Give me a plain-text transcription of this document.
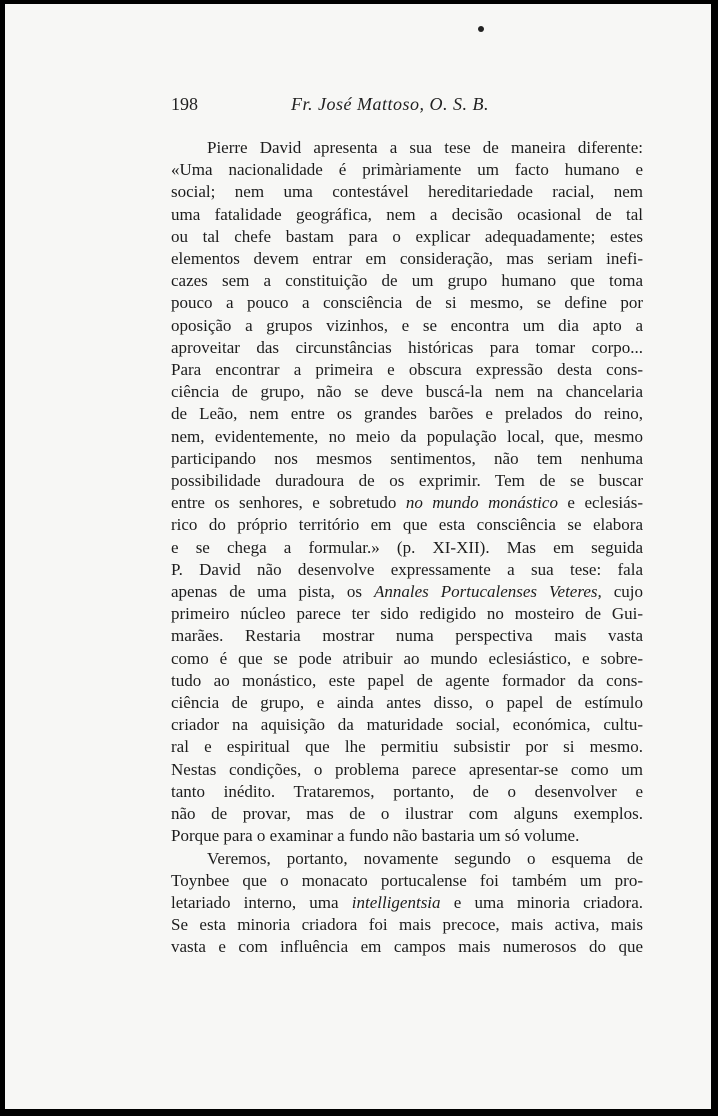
198	Fr. José Mattoso, O. S. B.
Pierre David apresenta a sua tese de maneira diferente:
«Uma nacionalidade é primàriamente um facto humano e
social; nem uma contestável hereditariedade racial, nem
uma fatalidade geográfica, nem a decisão ocasional de tal
ou tal chefe bastam para o explicar adequadamente; estes
elementos devem entrar em consideração, mas seriam inefi-
cazes sem a constituição de um grupo humano que toma
pouco a pouco a consciência de si mesmo, se define por
oposição a grupos vizinhos, e se encontra um dia apto a
aproveitar das circunstâncias históricas para tomar corpo...
Para encontrar a primeira e obscura expressão desta cons-
ciência de grupo, não se deve buscá-la nem na chancelaria
de Leão, nem entre os grandes barões e prelados do reino,
nem, evidentemente, no meio da população local, que, mesmo
participando nos mesmos sentimentos, não tem nenhuma
possibilidade duradoura de os exprimir. Tem de se buscar
entre os senhores, e sobretudo no mundo monástico e eclesiás-
rico do próprio território em que esta consciência se elabora
e se chega a formular.» (p. XI-XII). Mas em seguida
P. David não desenvolve expressamente a sua tese: fala
apenas de uma pista, os Annales Portucalenses Veteres, cujo
primeiro núcleo parece ter sido redigido no mosteiro de Gui-
marães. Restaria mostrar numa perspectiva mais vasta
como é que se pode atribuir ao mundo eclesiástico, e sobre-
tudo ao monástico, este papel de agente formador da cons-
ciência de grupo, e ainda antes disso, o papel de estímulo
criador na aquisição da maturidade social, económica, cultu-
ral e espiritual que lhe permitiu subsistir por si mesmo.
Nestas condições, o problema parece apresentar-se como um
tanto inédito. Trataremos, portanto, de o desenvolver e
não de provar, mas de o ilustrar com alguns exemplos.
Porque para o examinar a fundo não bastaria um só volume.
Veremos, portanto, novamente segundo o esquema de
Toynbee que o monacato portucalense foi também um pro-
letariado interno, uma intelligentsia e uma minoria criadora.
Se esta minoria criadora foi mais precoce, mais activa, mais
vasta e com influência em campos mais numerosos do que
